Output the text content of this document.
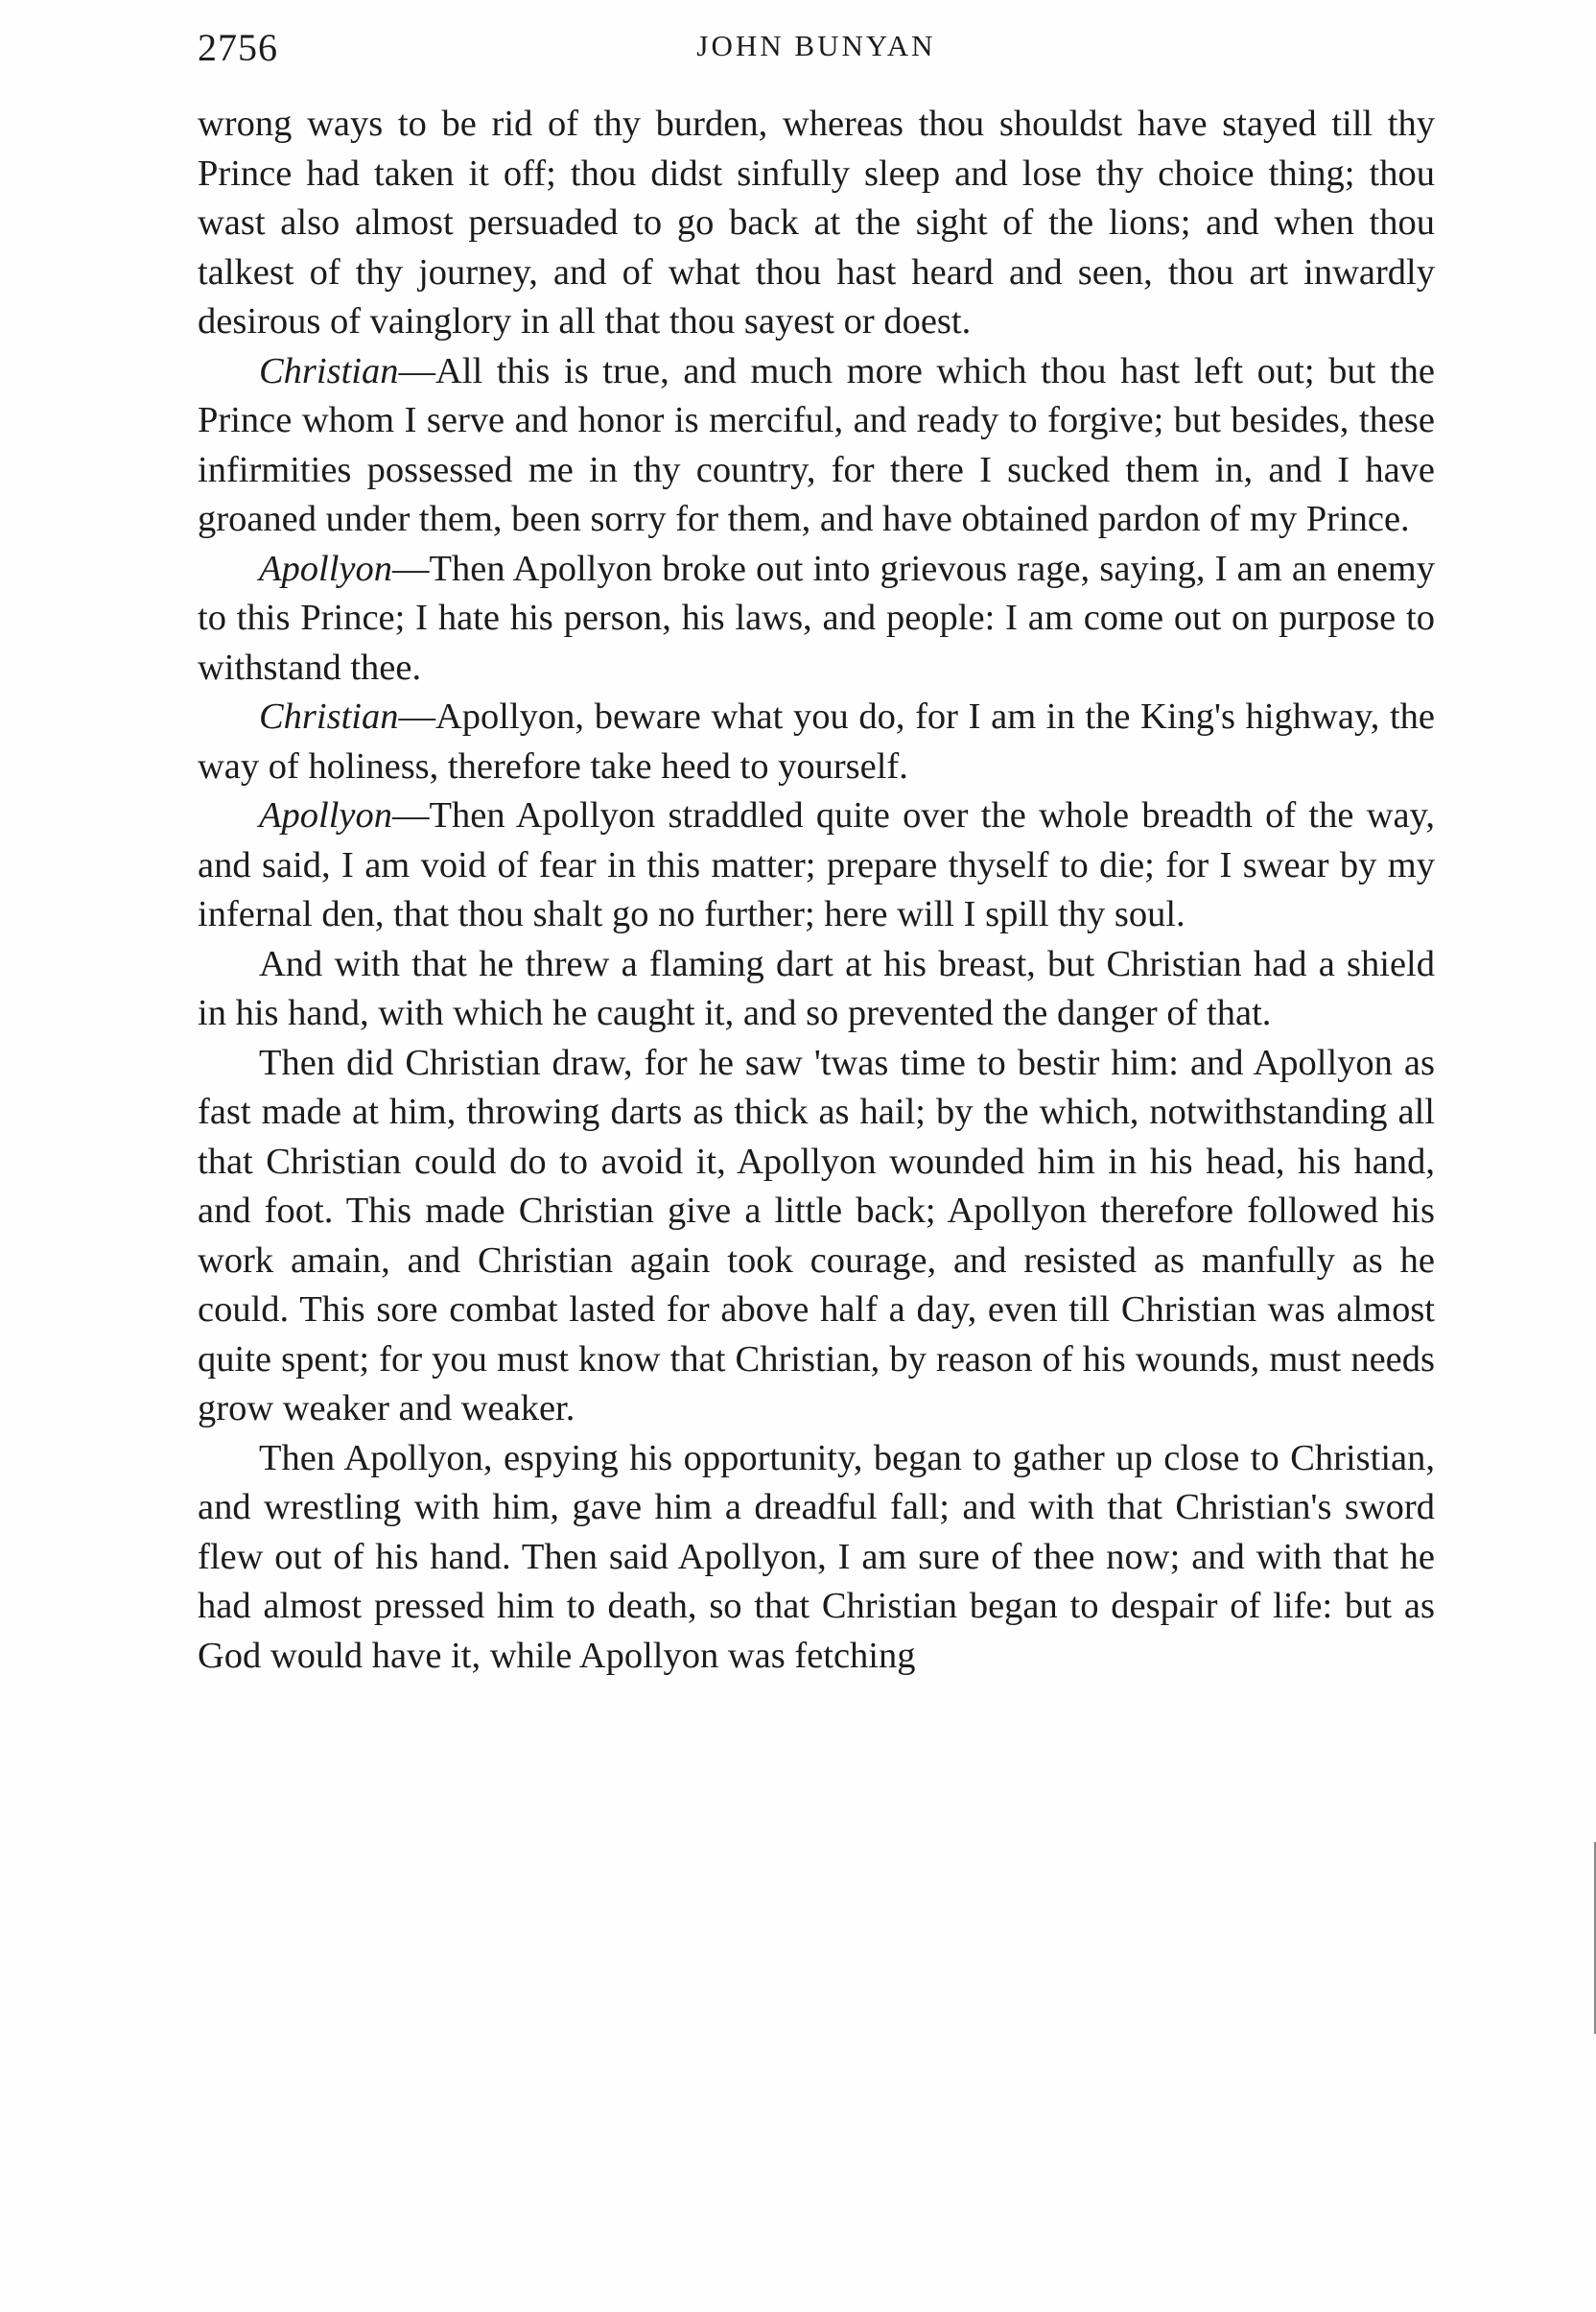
2756	JOHN BUNYAN

wrong ways to be rid of thy burden, whereas thou shouldst have stayed till thy Prince had taken it off; thou didst sinfully sleep and lose thy choice thing; thou wast also almost persuaded to go back at the sight of the lions; and when thou talkest of thy journey, and of what thou hast heard and seen, thou art inwardly desirous of vainglory in all that thou sayest or doest.

Christian—All this is true, and much more which thou hast left out; but the Prince whom I serve and honor is merciful, and ready to forgive; but besides, these infirmities possessed me in thy country, for there I sucked them in, and I have groaned under them, been sorry for them, and have obtained pardon of my Prince.

Apollyon—Then Apollyon broke out into grievous rage, saying, I am an enemy to this Prince; I hate his person, his laws, and people: I am come out on purpose to withstand thee.

Christian—Apollyon, beware what you do, for I am in the King's highway, the way of holiness, therefore take heed to yourself.

Apollyon—Then Apollyon straddled quite over the whole breadth of the way, and said, I am void of fear in this matter; prepare thyself to die; for I swear by my infernal den, that thou shalt go no further; here will I spill thy soul.

And with that he threw a flaming dart at his breast, but Christian had a shield in his hand, with which he caught it, and so prevented the danger of that.

Then did Christian draw, for he saw 'twas time to bestir him: and Apollyon as fast made at him, throwing darts as thick as hail; by the which, notwithstanding all that Christian could do to avoid it, Apollyon wounded him in his head, his hand, and foot. This made Christian give a little back; Apollyon therefore followed his work amain, and Christian again took courage, and resisted as manfully as he could. This sore combat lasted for above half a day, even till Christian was almost quite spent; for you must know that Christian, by reason of his wounds, must needs grow weaker and weaker.

Then Apollyon, espying his opportunity, began to gather up close to Christian, and wrestling with him, gave him a dreadful fall; and with that Christian's sword flew out of his hand. Then said Apollyon, I am sure of thee now; and with that he had almost pressed him to death, so that Christian began to despair of life: but as God would have it, while Apollyon was fetching
